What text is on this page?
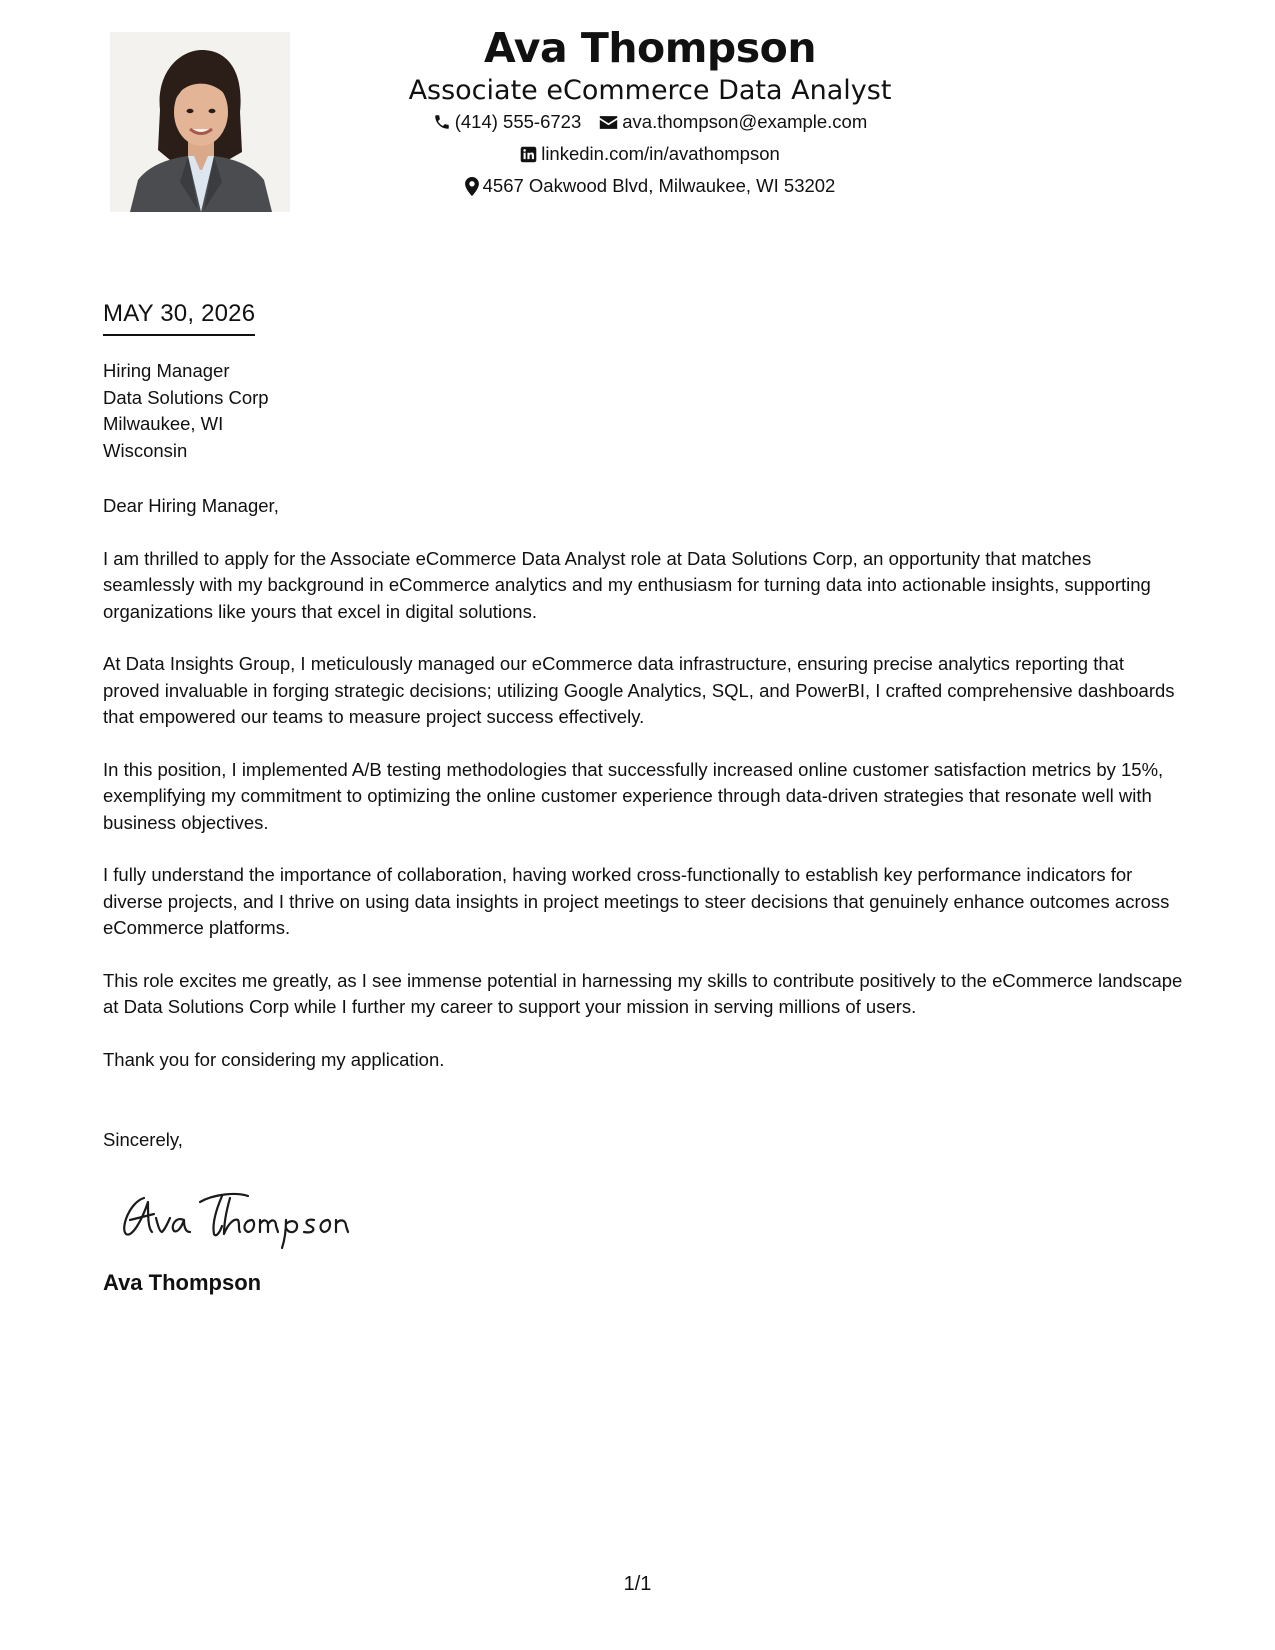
Ava Thompson
Associate eCommerce Data Analyst
(414) 555-6723 ava.thompson@example.com
linkedin.com/in/avathompson
4567 Oakwood Blvd, Milwaukee, WI 53202
MAY 30, 2026
Hiring Manager
Data Solutions Corp
Milwaukee, WI
Wisconsin

Dear Hiring Manager,

I am thrilled to apply for the Associate eCommerce Data Analyst role at Data Solutions Corp, an opportunity that matches seamlessly with my background in eCommerce analytics and my enthusiasm for turning data into actionable insights, supporting organizations like yours that excel in digital solutions.

At Data Insights Group, I meticulously managed our eCommerce data infrastructure, ensuring precise analytics reporting that proved invaluable in forging strategic decisions; utilizing Google Analytics, SQL, and PowerBI, I crafted comprehensive dashboards that empowered our teams to measure project success effectively.

In this position, I implemented A/B testing methodologies that successfully increased online customer satisfaction metrics by 15%, exemplifying my commitment to optimizing the online customer experience through data-driven strategies that resonate well with business objectives.

I fully understand the importance of collaboration, having worked cross-functionally to establish key performance indicators for diverse projects, and I thrive on using data insights in project meetings to steer decisions that genuinely enhance outcomes across eCommerce platforms.

This role excites me greatly, as I see immense potential in harnessing my skills to contribute positively to the eCommerce landscape at Data Solutions Corp while I further my career to support your mission in serving millions of users.

Thank you for considering my application.

Sincerely,
Ava Thompson
1/1
